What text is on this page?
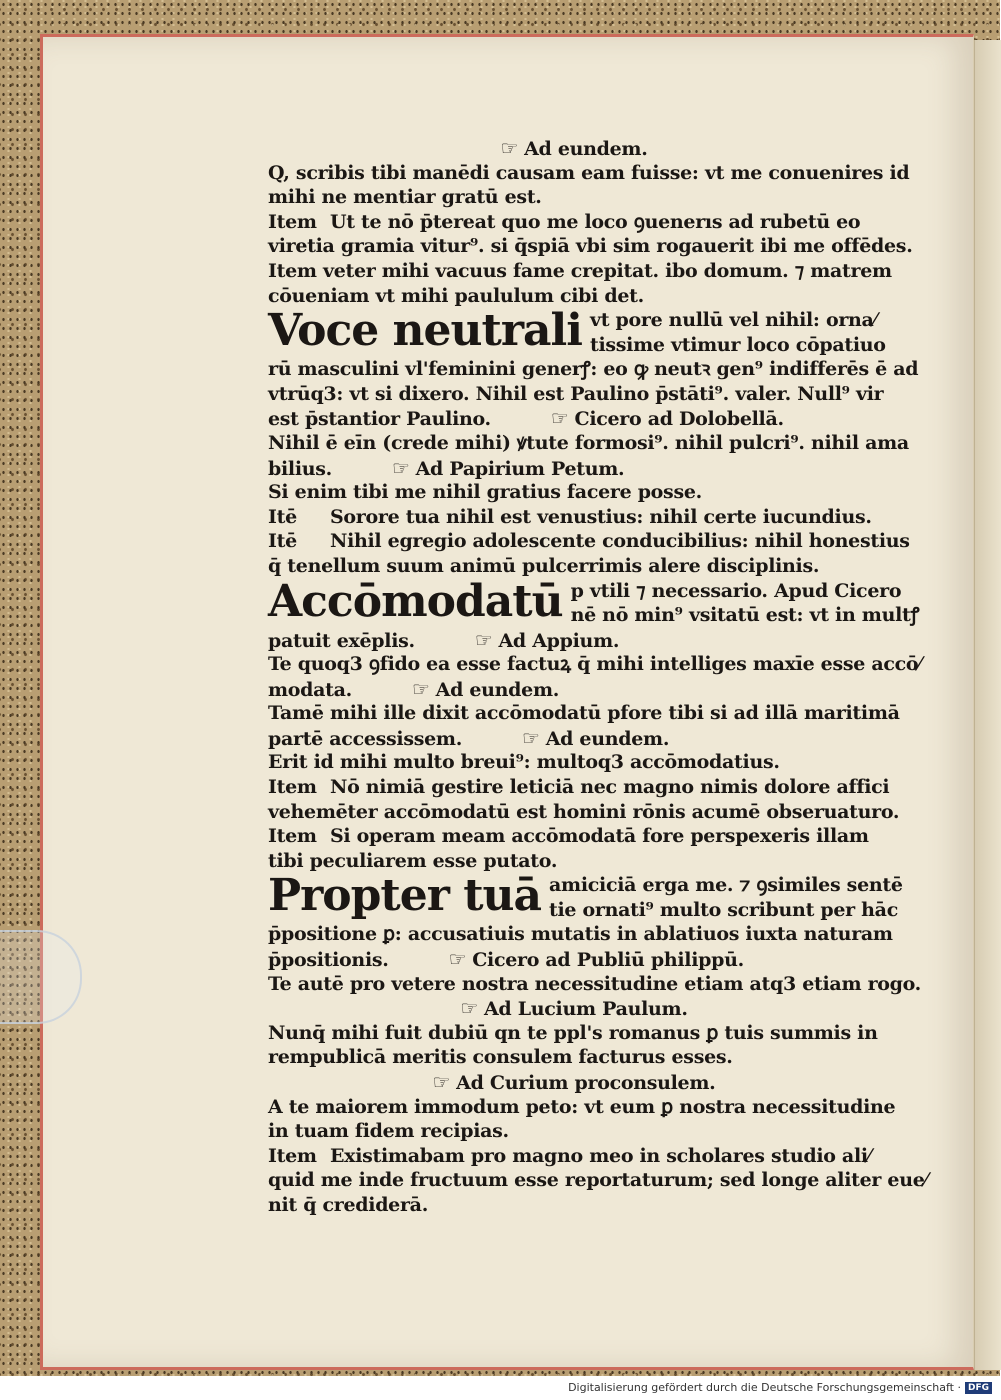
☞ Ad eundem.
Q, scribis tibi manēdi causam eam fuisse: vt me conuenires id
mihi ne mentiar gratū est.
Item Ut te nō p̄tereat quo me loco ꝯuenerıs ad rubetū eo
viretia gramia vitur⁹. si q̄spiā vbi sim rogauerit ibi me offēdes.
Item veter mihi vacuus fame crepitat. ibo domum. ⁊ matrem
cōueniam vt mihi paululum cibi det.
Voce neutrali vt pore nullū vel nihil: orna⁄
tissime vtimur loco cōpatiuo
rū masculini vl'feminini generꝭ: eo ꝙ neutꝛ gen⁹ indifferēs ē ad
vtrūq3: vt si dixero. Nihil est Paulino p̄stāti⁹. valer. Null⁹ vir
est p̄stantior Paulino.	☞ Cicero ad Dolobellā.
Nihil ē eīn (crede mihi) ꝟtute formosi⁹. nihil pulcri⁹. nihil ama
bilius.	☞ Ad Papirium Petum.
Si enim tibi me nihil gratius facere posse.
Itē Sorore tua nihil est venustius: nihil certe iucundius.
Itē Nihil egregio adolescente conducibilius: nihil honestius
q̄ tenellum suum animū pulcerrimis alere disciplinis.
Accōmodatū p vtili ⁊ necessario. Apud Cicero
nē nō min⁹ vsitatū est: vt in multꝭ
patuit exēplis.	☞ Ad Appium.
Te quoq3 ꝯfido ea esse factuꝝ q̄ mihi intelliges maxīe esse accō⁄
modata.	☞ Ad eundem.
Tamē mihi ille dixit accōmodatū pfore tibi si ad illā maritimā
partē accessissem.	☞ Ad eundem.
Erit id mihi multo breui⁹: multoq3 accōmodatius.
Item Nō nimiā gestire leticiā nec magno nimis dolore affici
vehemēter accōmodatū est homini rōnis acumē obseruaturo.
Item Si operam meam accōmodatā fore perspexeris illam
tibi peculiarem esse putato.
Propter tuā amiciciā erga me. ⁊ ꝯsimiles sentē
tie ornati⁹ multo scribunt per hāc
p̄positione ꝑ: accusatiuis mutatis in ablatiuos iuxta naturam
p̄positionis.	☞ Cicero ad Publiū philippū.
Te autē pro vetere nostra necessitudine etiam atq3 etiam rogo.
☞ Ad Lucium Paulum.
Nunq̄ mihi fuit dubiū qn te ppl's romanus ꝑ tuis summis in
rempublicā meritis consulem facturus esses.
☞ Ad Curium proconsulem.
A te maiorem immodum peto: vt eum ꝑ nostra necessitudine
in tuam fidem recipias.
Item Existimabam pro magno meo in scholares studio ali⁄
quid me inde fructuum esse reportaturum; sed longe aliter eue⁄
nit q̄ crediderā.
Digitalisierung gefördert durch die Deutsche Forschungsgemeinschaft · DFG
